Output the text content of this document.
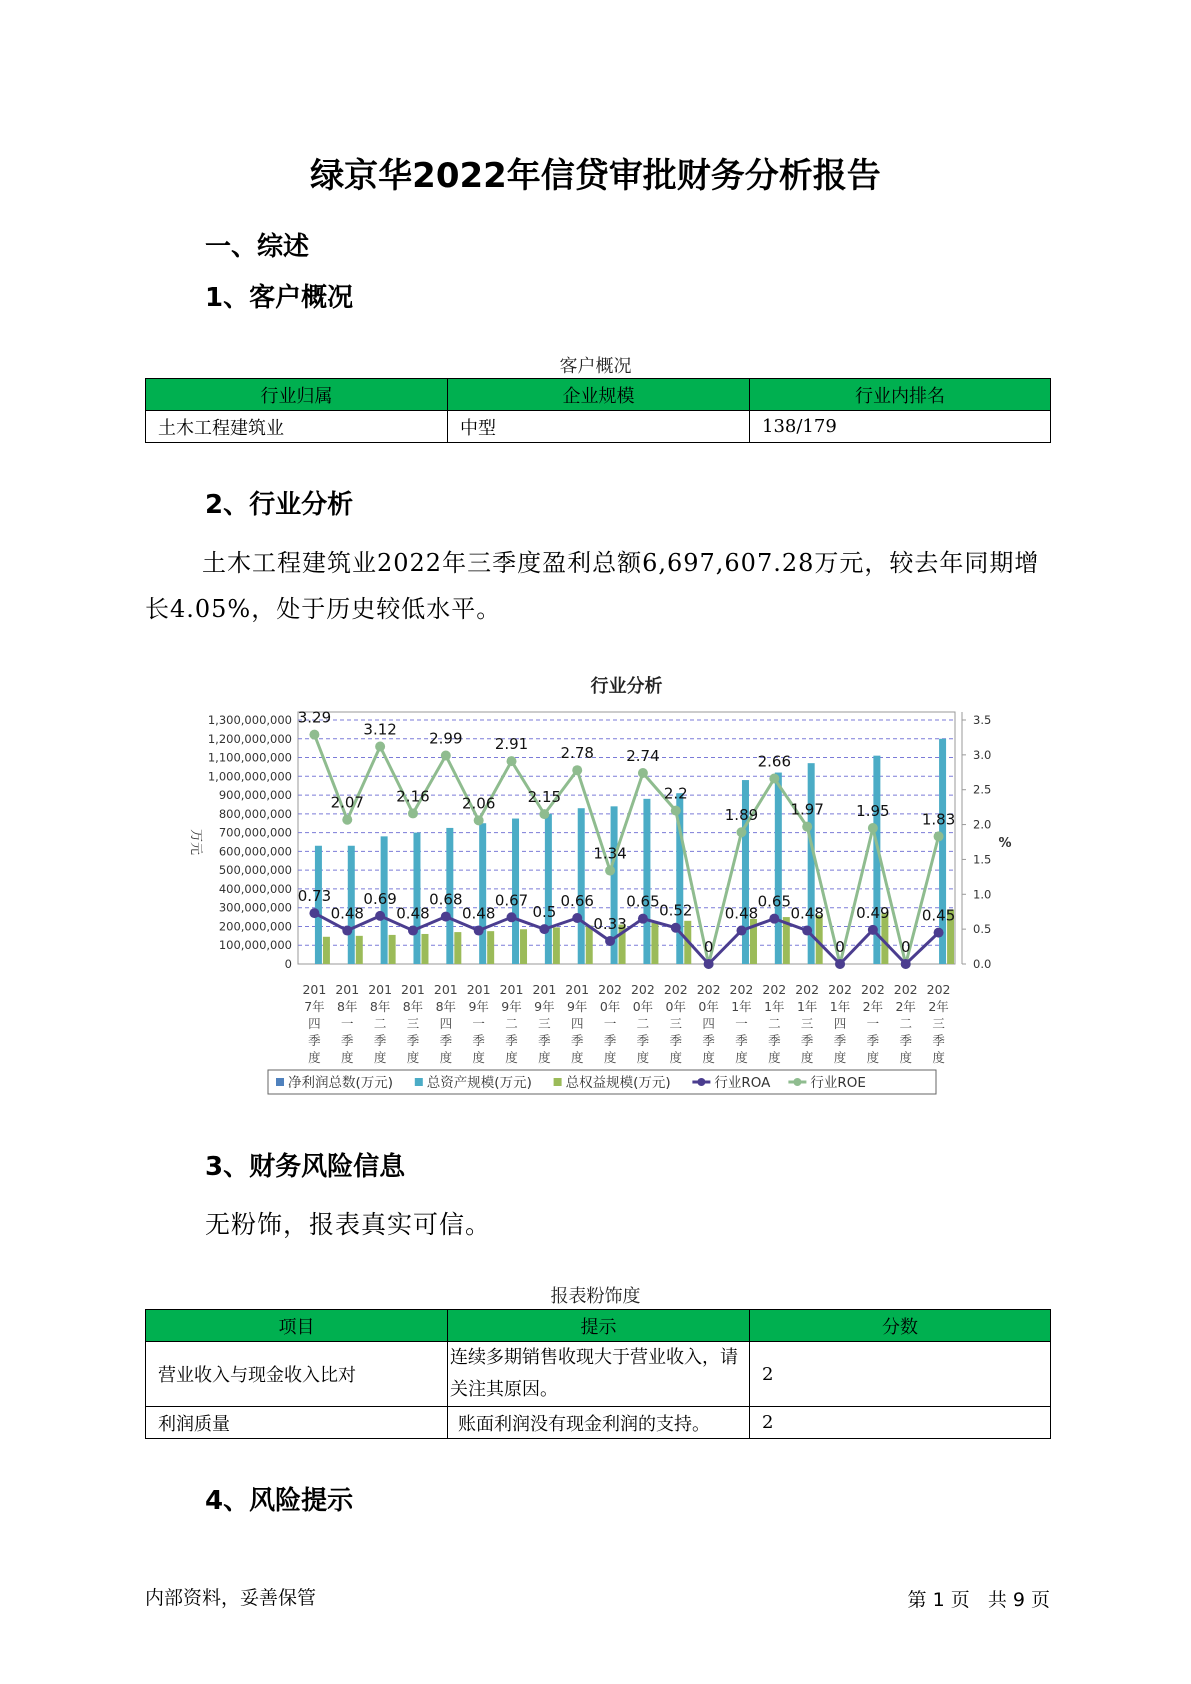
绿京华2022年信贷审批财务分析报告
一、综述
1、客户概况
客户概况
行业归属	企业规模	行业内排名
土木工程建筑业	中型	138/179
2、行业分析
土木工程建筑业2022年三季度盈利总额6,697,607.28万元，较去年同期增长4.05%，处于历史较低水平。
行业分析
0
100,000,000
200,000,000
300,000,000
400,000,000
500,000,000
600,000,000
700,000,000
800,000,000
900,000,000
1,000,000,000
1,100,000,000
1,200,000,000
1,300,000,000
0.0
0.5
1.0
1.5
2.0
2.5
3.0
3.5
万元	%
201
7年
四
季
度
201
8年
一
季
度
201
8年
二
季
度
201
8年
三
季
度
201
8年
四
季
度
201
9年
一
季
度
201
9年
二
季
度
201
9年
三
季
度
201
9年
四
季
度
202
0年
一
季
度
202
0年
二
季
度
202
0年
三
季
度
202
0年
四
季
度
202
1年
一
季
度
202
1年
二
季
度
202
1年
三
季
度
202
1年
四
季
度
202
2年
一
季
度
202
2年
二
季
度
202
2年
三
季
度
3.29
2.07
3.12
2.16
2.99
2.06
2.91
2.15
2.78
1.34
2.74
2.2
1.89
2.66
1.97 1.95 1.83
0.73
0.48
0.69
0.48
0.68
0.48
0.67
0.5
0.66
0.33
0.65
0.52
0
0.48
0.65
0.48
0
0.49
0
0.45
净利润总数(万元)	总资产规模(万元)	总权益规模(万元)	行业ROA	行业ROE
3、财务风险信息
无粉饰，报表真实可信。
报表粉饰度
项目	提示	分数
营业收入与现金收入比对	连续多期销售收现大于营业收入，请关注其原因。	2
利润质量	账面利润没有现金利润的支持。	2
4、风险提示
内部资料，妥善保管	第 1 页   共 9 页
